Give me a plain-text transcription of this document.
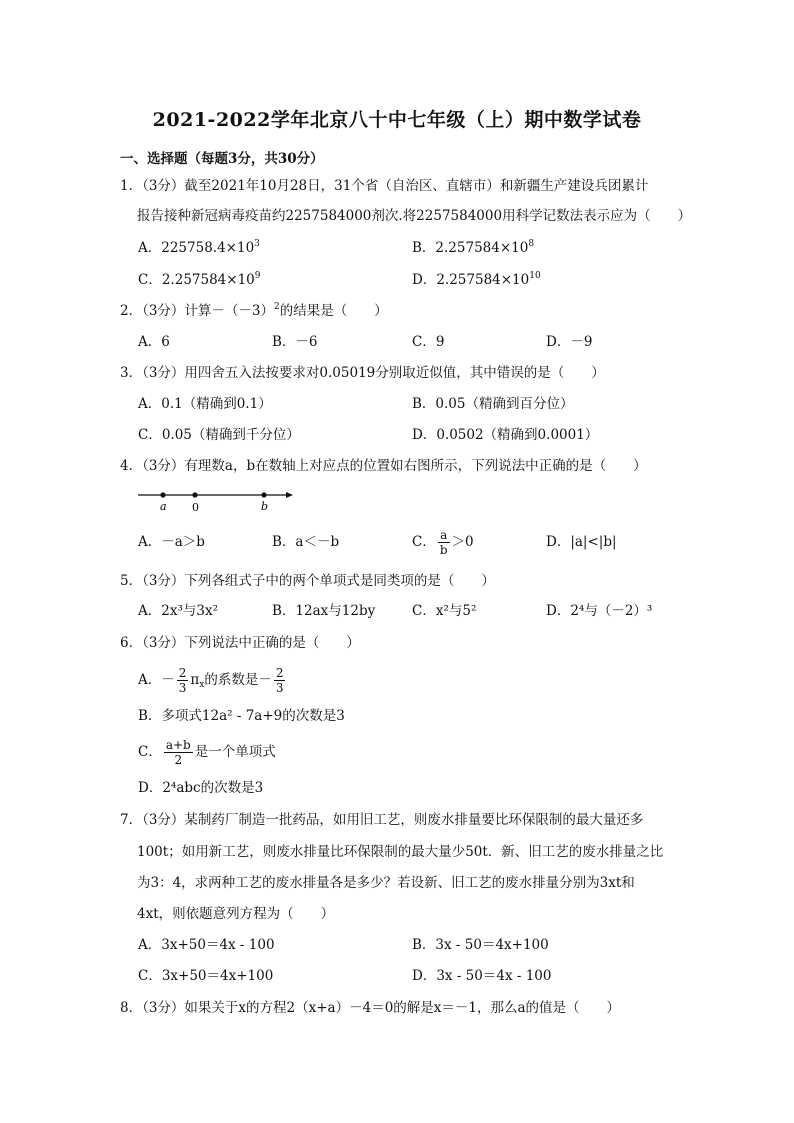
2021-2022学年北京八十中七年级（上）期中数学试卷
一、选择题（每题3分，共30分）
1．（3分）截至2021年10月28日，31个省（自治区、直辖市）和新疆生产建设兵团累计
报告接种新冠病毒疫苗约2257584000剂次.将2257584000用科学记数法表示应为（　　）
A．$225758.4\times 10^3$	B．$2.257584\times 10^8$
C．$2.257584\times 10^9$	D．$2.257584\times 10^{10}$
2．（3分）计算$-(-3)^2$的结果是（　　）
A．6	B．－6	C．9	D．－9
3．（3分）用四舍五入法按要求对0.05019分别取近似值，其中错误的是（　　）
A．0.1（精确到0.1）	B．0.05（精确到百分位）
C．0.05（精确到千分位）	D．0.0502（精确到0.0001）
4．（3分）有理数a，b在数轴上对应点的位置如右图所示，下列说法中正确的是（　　）
a 0	b
A．－a＞b	B．a＜－b	C． $\frac{a}{b} >0$	D．|a|<|b|
5．（3分）下列各组式子中的两个单项式是同类项的是（　　）
A．2x³与3x²	B．12ax与12by	C．x²与5²	D．2⁴与（－2）³
6．（3分）下列说法中正确的是（　　）
A．－ $\frac{2}{3} \pi_x$的系数是－ $\frac{2}{3}$
B．多项式12a² - 7a+9的次数是3
C． $\frac{a+b}{2}$ 是一个单项式
D．2⁴abc的次数是3
7．（3分）某制药厂制造一批药品，如用旧工艺，则废水排量要比环保限制的最大量还多
100t；如用新工艺，则废水排量比环保限制的最大量少50t．新、旧工艺的废水排量之比
为3：4，求两种工艺的废水排量各是多少？若设新、旧工艺的废水排量分别为3xt和
4xt，则依题意列方程为（　　）
A．3x+50＝4x - 100	B．3x - 50＝4x+100
C．3x+50＝4x+100	D．3x - 50＝4x - 100
8．（3分）如果关于x的方程2（x+a）－4＝0的解是x＝－1，那么a的值是（　　）
